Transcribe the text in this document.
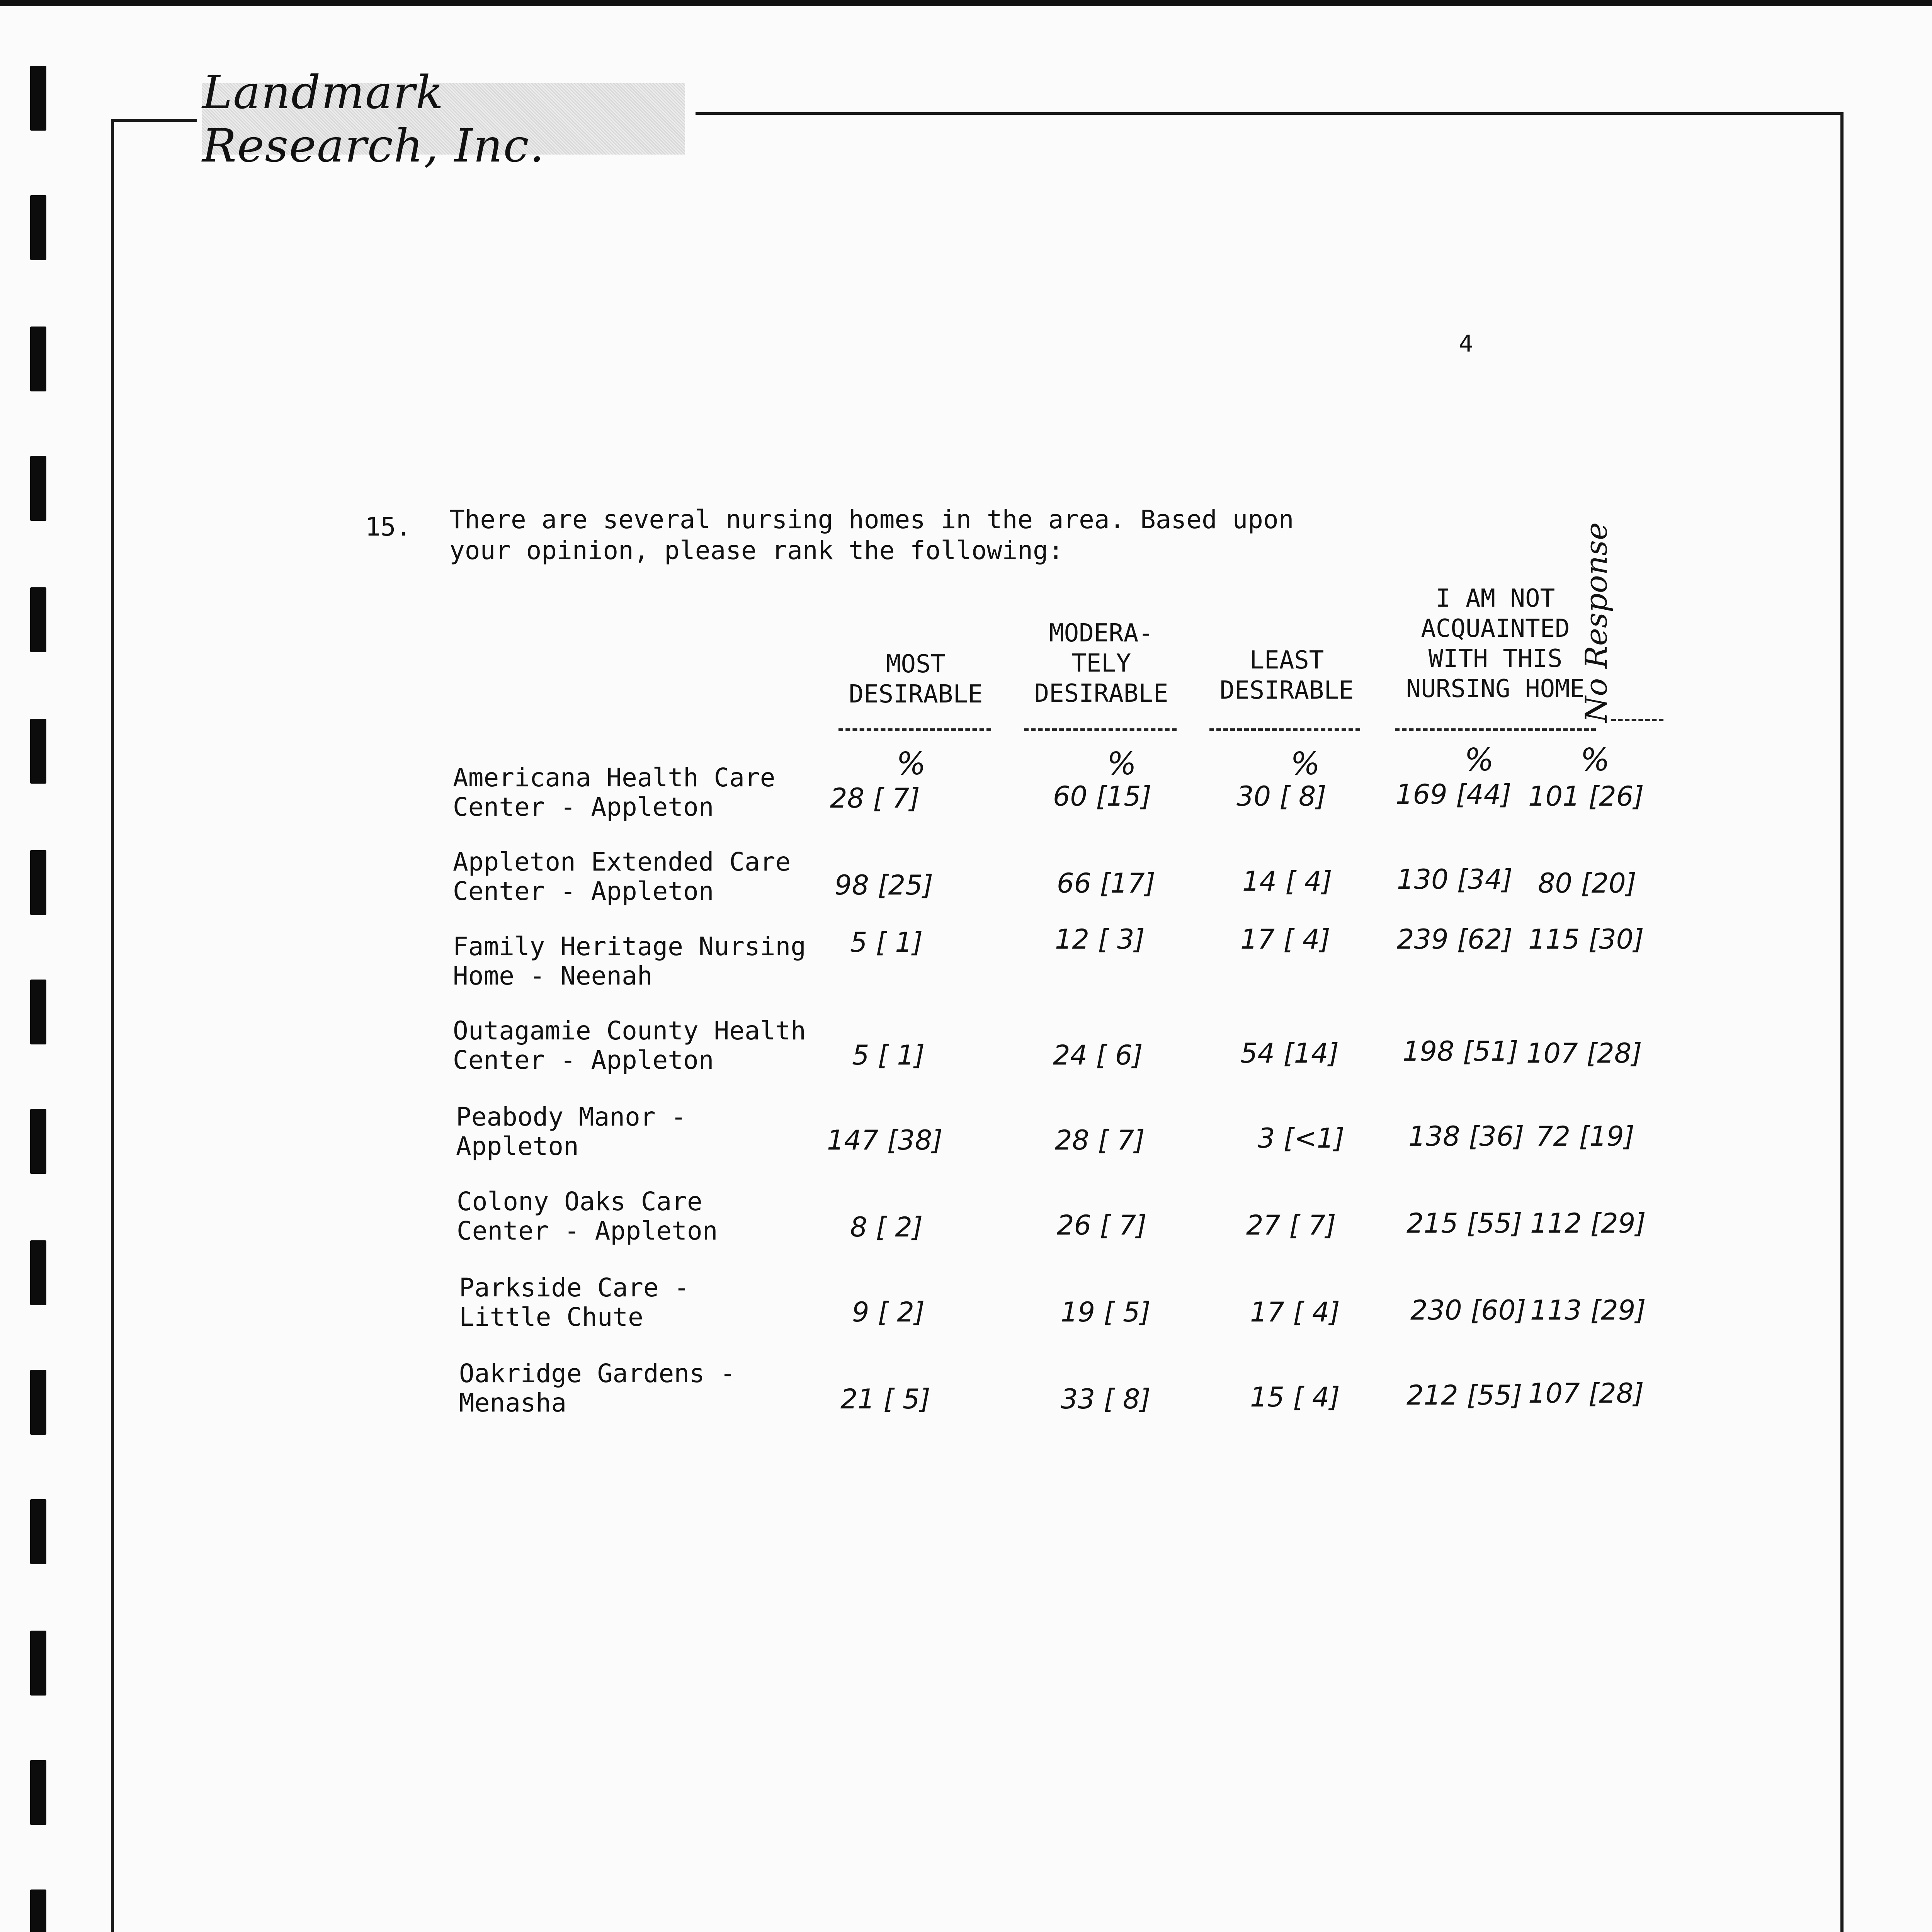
Landmark Research, Inc.
4
15. There are several nursing homes in the area. Based upon
your opinion, please rank the following:
MOST
DESIRABLE
MODERA-
TELY
DESIRABLE
LEAST
DESIRABLE
I AM NOT
ACQUAINTED
WITH THIS
NURSING HOME
No Response
%	%	%	%	%
Americana Health Care
Center - Appleton	28 [ 7]	60 [15]	30 [ 8]	169 [44] 101 [26]
Appleton Extended Care
Center - Appleton	98 [25]	66 [17]	14 [ 4] 130 [34] 80 [20]
Family Heritage Nursing
Home - Neenah
5 [ 1]	12 [ 3]	17 [ 4] 239 [62] 115 [30]
Outagamie County Health
Center - Appleton	5 [ 1]	24 [ 6]	54 [14] 198 [51] 107 [28]
Peabody Manor -
Appleton	147 [38]	28 [ 7]	3 [<1] 138 [36] 72 [19]
Colony Oaks Care
Center - Appleton	8 [ 2]	26 [ 7]	27 [ 7]	215 [55] 112 [29]
Parkside Care -
Little Chute	9 [ 2]	19 [ 5]	17 [ 4]	230 [60] 113 [29]
Oakridge Gardens -
Menasha	21 [ 5]	33 [ 8]	15 [ 4] 212 [55] 107 [28]
